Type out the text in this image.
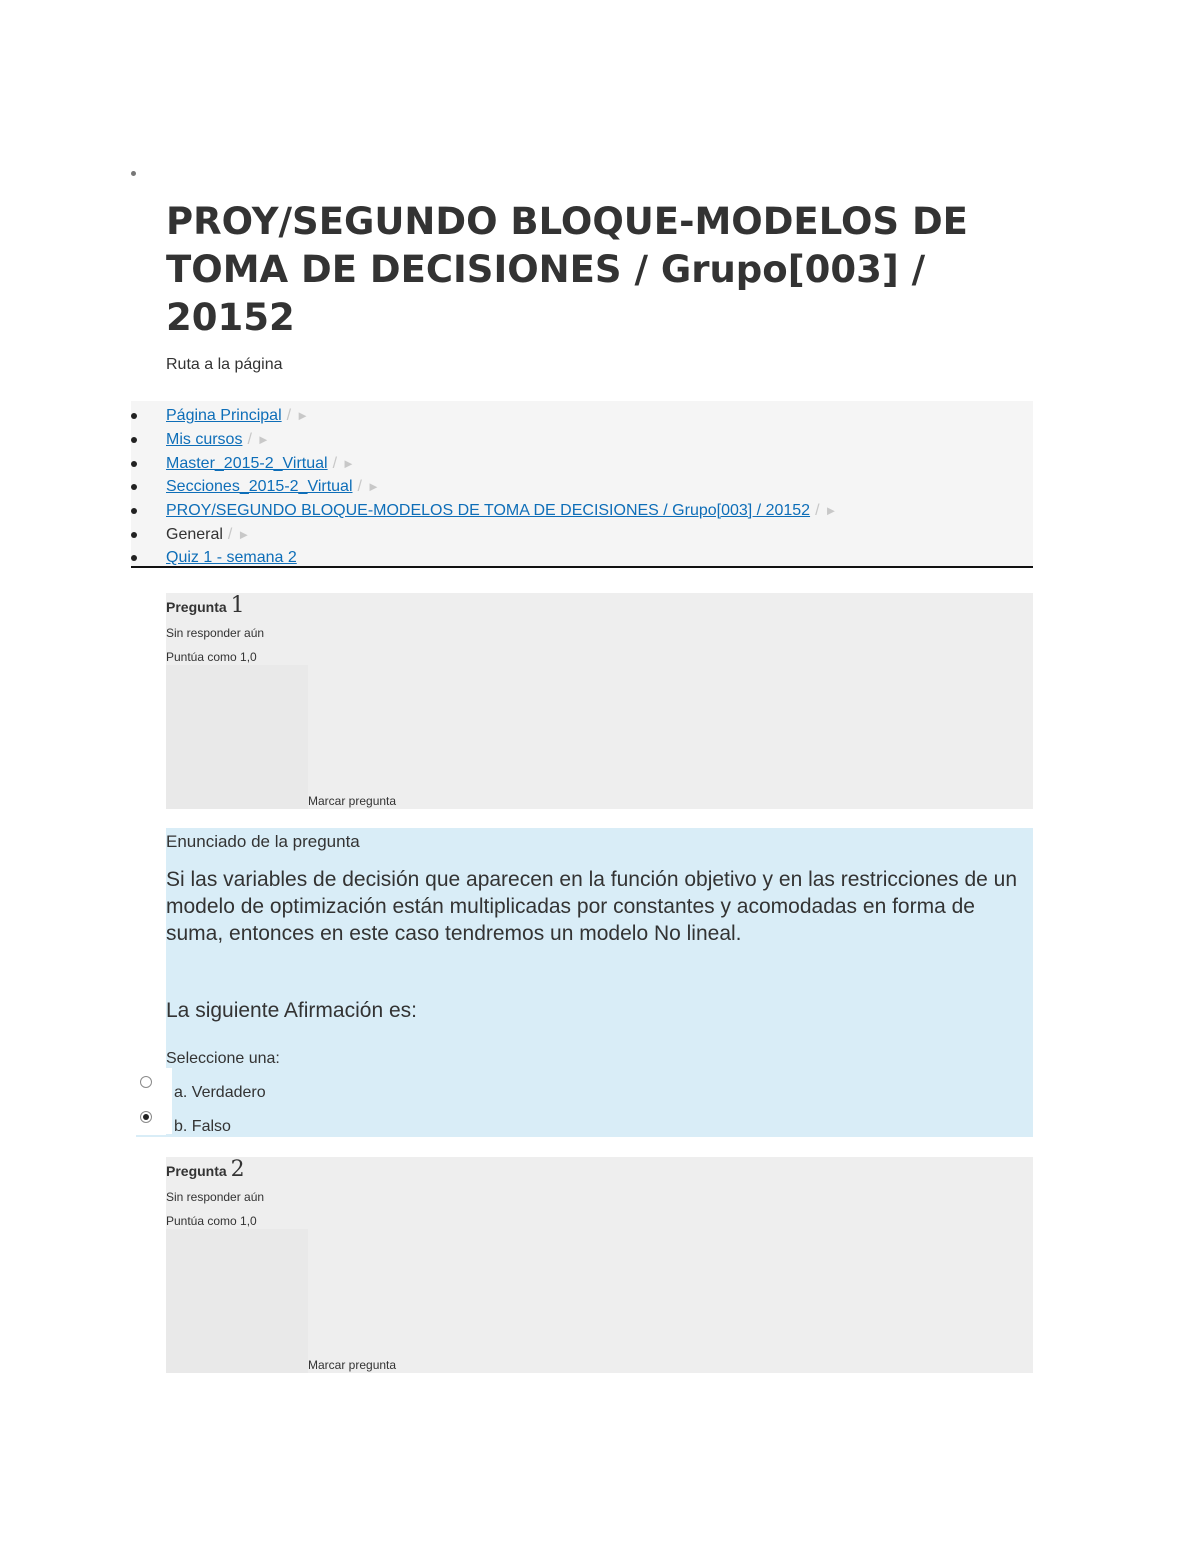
PROY/SEGUNDO BLOQUE-MODELOS DE TOMA DE DECISIONES / Grupo[003] / 20152
Ruta a la página
Página Principal / ►
Mis cursos / ►
Master_2015-2_Virtual / ►
Secciones_2015-2_Virtual / ►
PROY/SEGUNDO BLOQUE-MODELOS DE TOMA DE DECISIONES / Grupo[003] / 20152 / ►
General / ►
Quiz 1 - semana 2
Pregunta 1
Sin responder aún
Puntúa como 1,0
Marcar pregunta
Enunciado de la pregunta
Si las variables de decisión que aparecen en la función objetivo y en las restricciones de un modelo de optimización están multiplicadas por constantes y acomodadas en forma de suma, entonces en este caso tendremos un modelo No lineal.
La siguiente Afirmación es:
Seleccione una:
a. Verdadero
b. Falso
Pregunta 2
Sin responder aún
Puntúa como 1,0
Marcar pregunta
